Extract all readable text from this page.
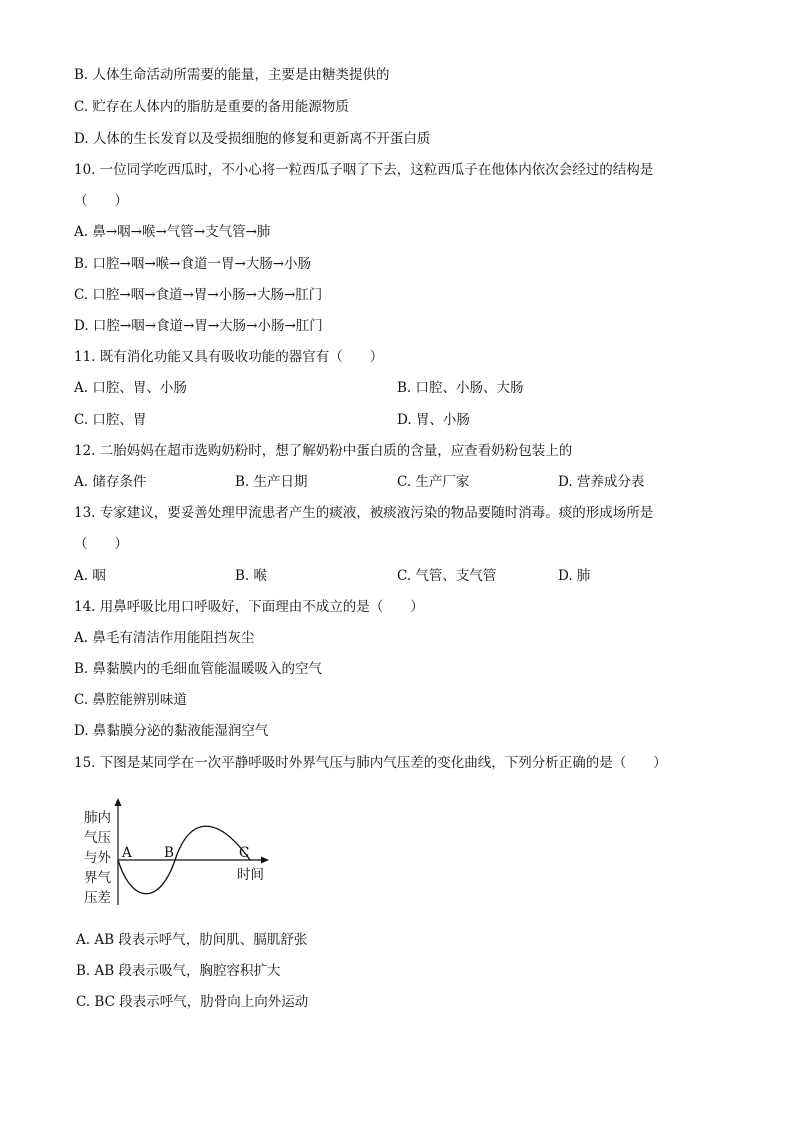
B. 人体生命活动所需要的能量，主要是由糖类提供的
C. 贮存在人体内的脂肪是重要的备用能源物质
D. 人体的生长发育以及受损细胞的修复和更新离不开蛋白质
10. 一位同学吃西瓜时，不小心将一粒西瓜子咽了下去，这粒西瓜子在他体内依次会经过的结构是
（　　）
A. 鼻→咽→喉→气管→支气管→肺
B. 口腔→咽→喉→食道一胃→大肠→小肠
C. 口腔→咽→食道→胃→小肠→大肠→肛门
D. 口腔→咽→食道→胃→大肠→小肠→肛门
11. 既有消化功能又具有吸收功能的器官有（　　）
A. 口腔、胃、小肠	B. 口腔、小肠、大肠
C. 口腔、胃	D. 胃、小肠
12. 二胎妈妈在超市选购奶粉时，想了解奶粉中蛋白质的含量，应查看奶粉包装上的
A. 储存条件	B. 生产日期	C. 生产厂家	D. 营养成分表
13. 专家建议，要妥善处理甲流患者产生的痰液，被痰液污染的物品要随时消毒。痰的形成场所是
（　　）
A. 咽	B. 喉	C. 气管、支气管	D. 肺
14. 用鼻呼吸比用口呼吸好，下面理由不成立的是（　　）
A. 鼻毛有清洁作用能阻挡灰尘
B. 鼻黏膜内的毛细血管能温暖吸入的空气
C. 鼻腔能辨别味道
D. 鼻黏膜分泌的黏液能湿润空气
15. 下图是某同学在一次平静呼吸时外界气压与肺内气压差的变化曲线，下列分析正确的是（　　）
肺内
气压
与外
界气
压差
A B	C
时间
A. AB 段表示呼气，肋间肌、膈肌舒张
B. AB 段表示吸气，胸腔容积扩大
C. BC 段表示呼气，肋骨向上向外运动
